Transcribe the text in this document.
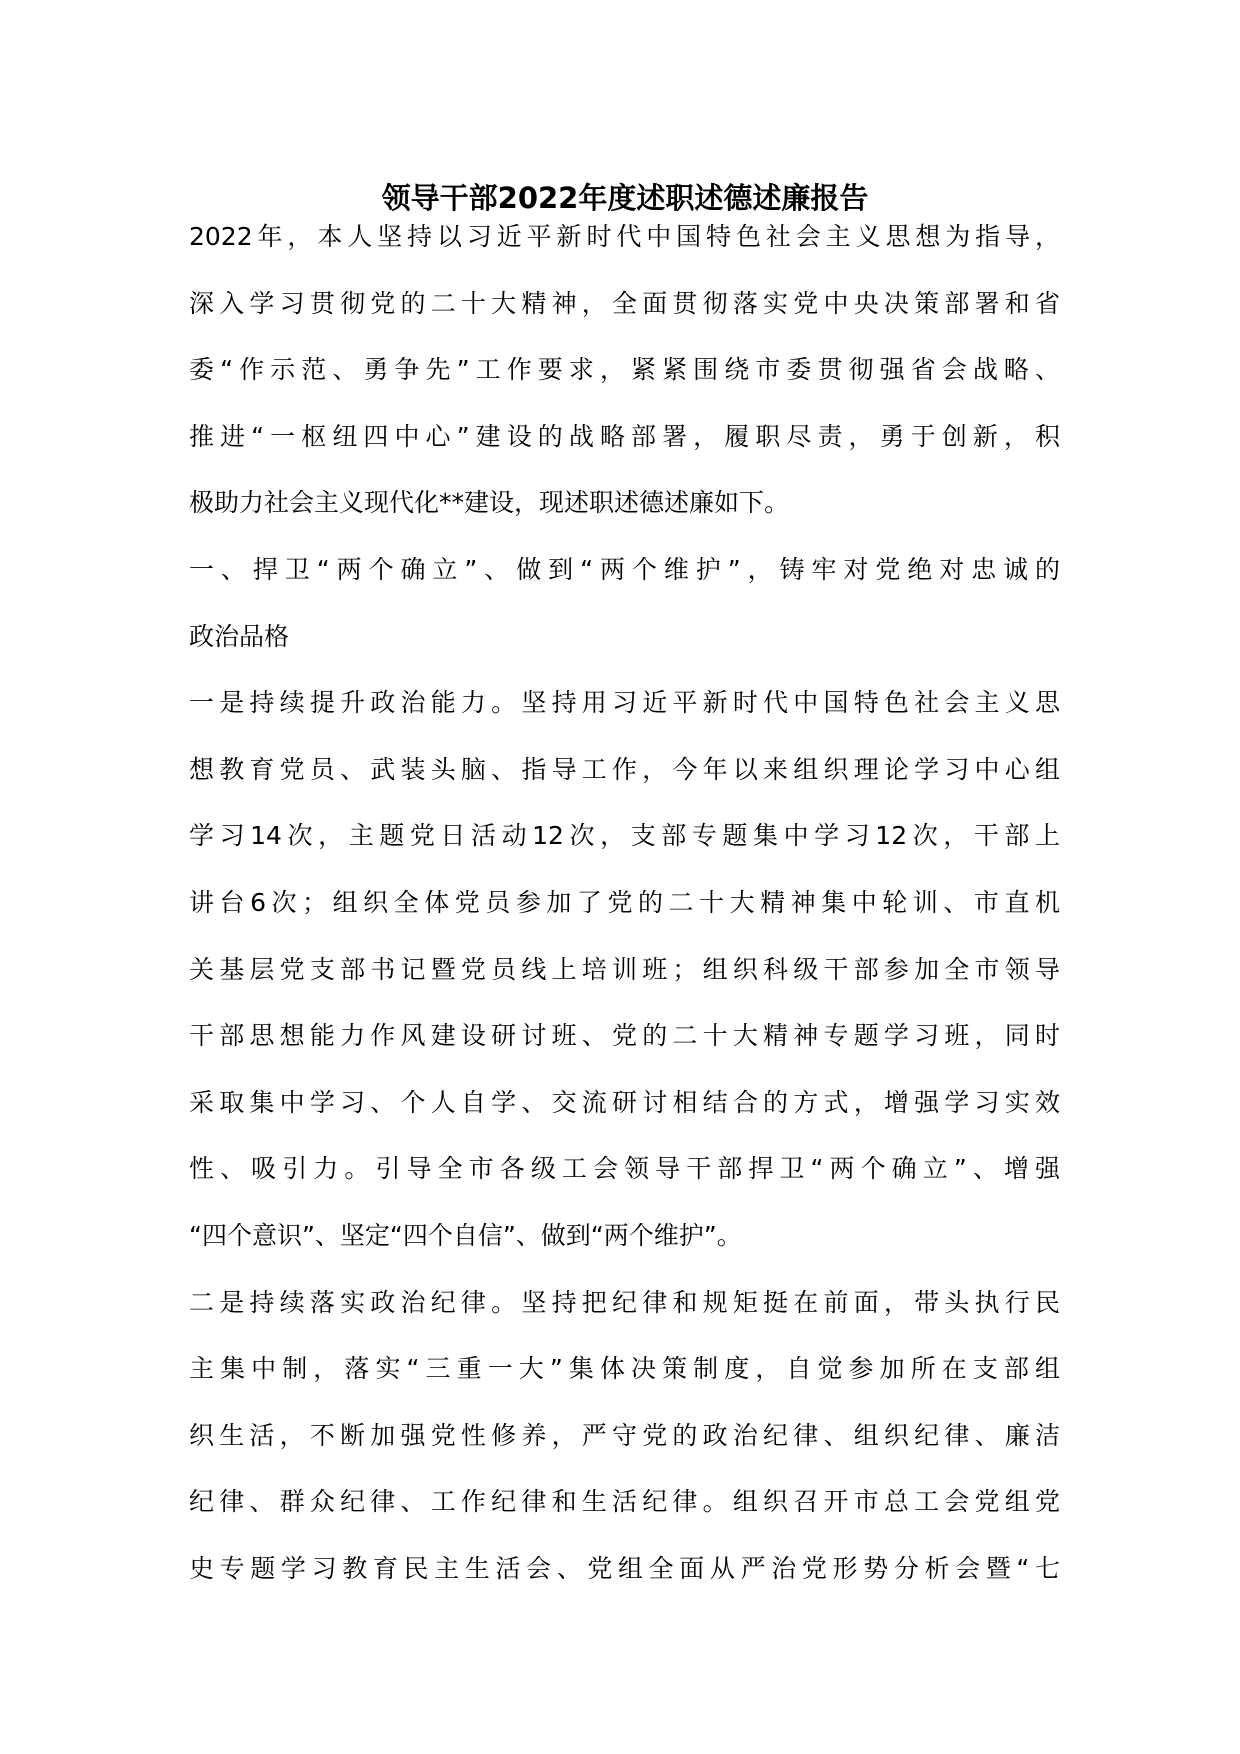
领导干部2022年度述职述德述廉报告
2022年，本人坚持以习近平新时代中国特色社会主义思想为指导，
深入学习贯彻党的二十大精神，全面贯彻落实党中央决策部署和省
委“作示范、勇争先”工作要求，紧紧围绕市委贯彻强省会战略、
推进“一枢纽四中心”建设的战略部署，履职尽责，勇于创新，积
极助力社会主义现代化**建设，现述职述德述廉如下。
一、捍卫“两个确立”、做到“两个维护”，铸牢对党绝对忠诚的
政治品格
一是持续提升政治能力。坚持用习近平新时代中国特色社会主义思
想教育党员、武装头脑、指导工作，今年以来组织理论学习中心组
学习14次，主题党日活动12次，支部专题集中学习12次，干部上
讲台6次；组织全体党员参加了党的二十大精神集中轮训、市直机
关基层党支部书记暨党员线上培训班；组织科级干部参加全市领导
干部思想能力作风建设研讨班、党的二十大精神专题学习班，同时
采取集中学习、个人自学、交流研讨相结合的方式，增强学习实效
性、吸引力。引导全市各级工会领导干部捍卫“两个确立”、增强
“四个意识”、坚定“四个自信”、做到“两个维护”。
二是持续落实政治纪律。坚持把纪律和规矩挺在前面，带头执行民
主集中制，落实“三重一大”集体决策制度，自觉参加所在支部组
织生活，不断加强党性修养，严守党的政治纪律、组织纪律、廉洁
纪律、群众纪律、工作纪律和生活纪律。组织召开市总工会党组党
史专题学习教育民主生活会、党组全面从严治党形势分析会暨“七
